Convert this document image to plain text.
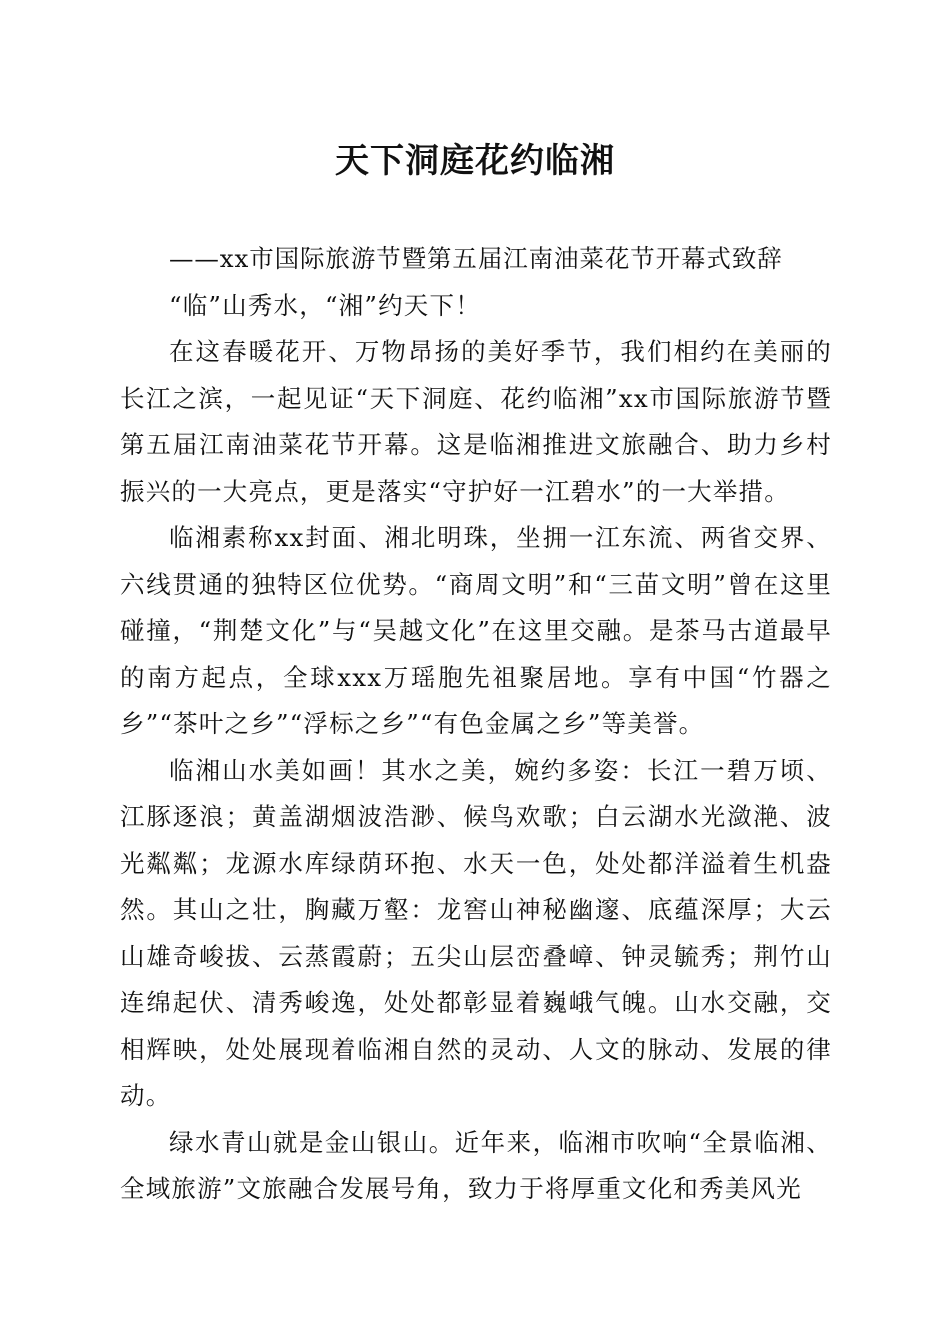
天下洞庭花约临湘

——xx市国际旅游节暨第五届江南油菜花节开幕式致辞

“临”山秀水，“湘”约天下！

在这春暖花开、万物昂扬的美好季节，我们相约在美丽的长江之滨，一起见证“天下洞庭、花约临湘”xx市国际旅游节暨第五届江南油菜花节开幕。这是临湘推进文旅融合、助力乡村振兴的一大亮点，更是落实“守护好一江碧水”的一大举措。

临湘素称xx封面、湘北明珠，坐拥一江东流、两省交界、六线贯通的独特区位优势。“商周文明”和“三苗文明”曾在这里碰撞，“荆楚文化”与“吴越文化”在这里交融。是茶马古道最早的南方起点，全球xxx万瑶胞先祖聚居地。享有中国“竹器之乡”“茶叶之乡”“浮标之乡”“有色金属之乡”等美誉。

临湘山水美如画！其水之美，婉约多姿：长江一碧万顷、江豚逐浪；黄盖湖烟波浩渺、候鸟欢歌；白云湖水光潋滟、波光粼粼；龙源水库绿荫环抱、水天一色，处处都洋溢着生机盎然。其山之壮，胸藏万壑：龙窖山神秘幽邃、底蕴深厚；大云山雄奇峻拔、云蒸霞蔚；五尖山层峦叠嶂、钟灵毓秀；荆竹山连绵起伏、清秀峻逸，处处都彰显着巍峨气魄。山水交融，交相辉映，处处展现着临湘自然的灵动、人文的脉动、发展的律动。

绿水青山就是金山银山。近年来，临湘市吹响“全景临湘、全域旅游”文旅融合发展号角，致力于将厚重文化和秀美风光
